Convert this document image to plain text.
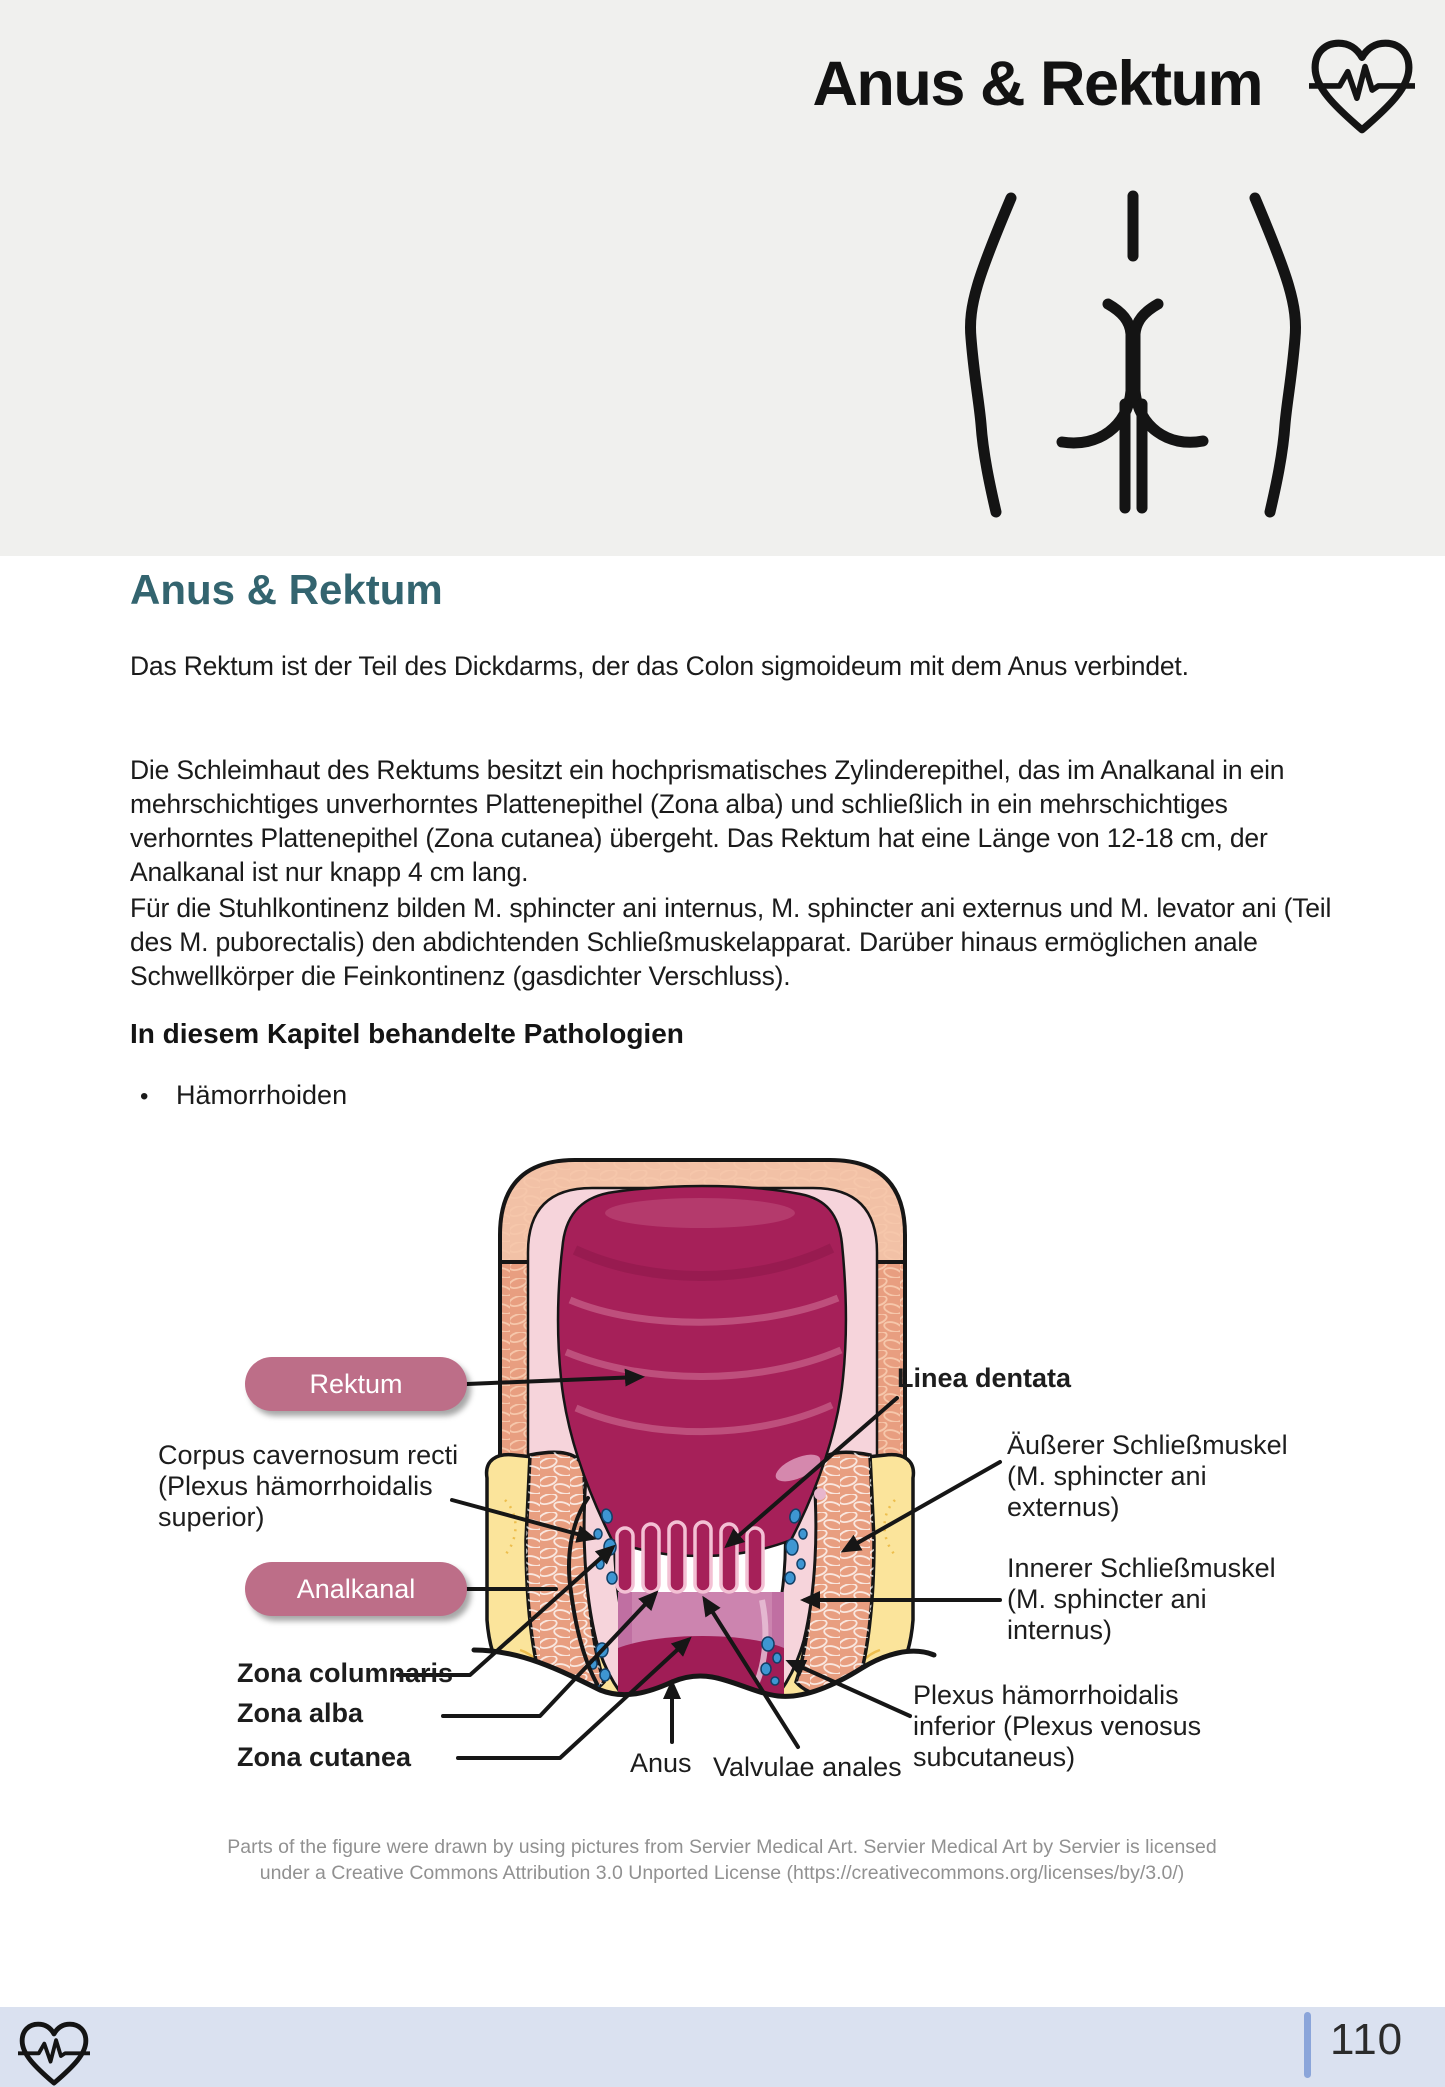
Anus & Rektum
Anus & Rektum

Das Rektum ist der Teil des Dickdarms, der das Colon sigmoideum mit dem Anus verbindet.

Die Schleimhaut des Rektums besitzt ein hochprismatisches Zylinderepithel, das im Analkanal in ein mehrschichtiges unverhorntes Plattenepithel (Zona alba) und schließlich in ein mehrschichtiges verhorntes Plattenepithel (Zona cutanea) übergeht. Das Rektum hat eine Länge von 12-18 cm, der Analkanal ist nur knapp 4 cm lang.

Für die Stuhlkontinenz bilden M. sphincter ani internus, M. sphincter ani externus und M. levator ani (Teil des M. puborectalis) den abdichtenden Schließmuskelapparat. Darüber hinaus ermöglichen anale Schwellkörper die Feinkontinenz (gasdichter Verschluss).

In diesem Kapitel behandelte Pathologien
• Hämorrhoiden
Rektum
Analkanal
Corpus cavernosum recti (Plexus hämorrhoidalis superior)
Linea dentata
Äußerer Schließmuskel (M. sphincter ani externus)
Innerer Schließmuskel (M. sphincter ani internus)
Zona columnaris
Zona alba
Zona cutanea	Anus Valvulae anales
Plexus hämorrhoidalis inferior (Plexus venosus subcutaneus)

Parts of the figure were drawn by using pictures from Servier Medical Art. Servier Medical Art by Servier is licensed under a Creative Commons Attribution 3.0 Unported License (https://creativecommons.org/licenses/by/3.0/)

110
